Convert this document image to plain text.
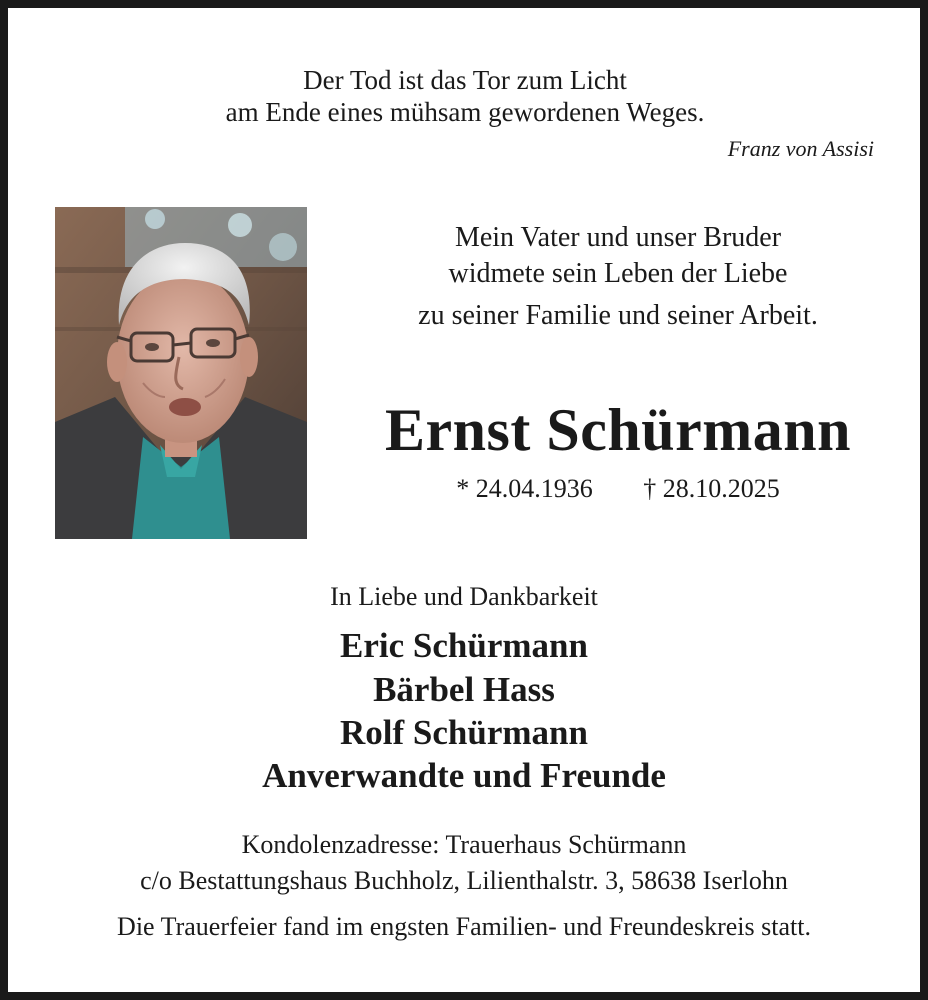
Der Tod ist das Tor zum Licht
am Ende eines mühsam gewordenen Weges.
Franz von Assisi
Mein Vater und unser Bruder
widmete sein Leben der Liebe
zu seiner Familie und seiner Arbeit.
Ernst Schürmann
* 24.04.1936 † 28.10.2025
In Liebe und Dankbarkeit
Eric Schürmann
Bärbel Hass
Rolf Schürmann
Anverwandte und Freunde
Kondolenzadresse: Trauerhaus Schürmann
c/o Bestattungshaus Buchholz, Lilienthalstr. 3, 58638 Iserlohn
Die Trauerfeier fand im engsten Familien- und Freundeskreis statt.
